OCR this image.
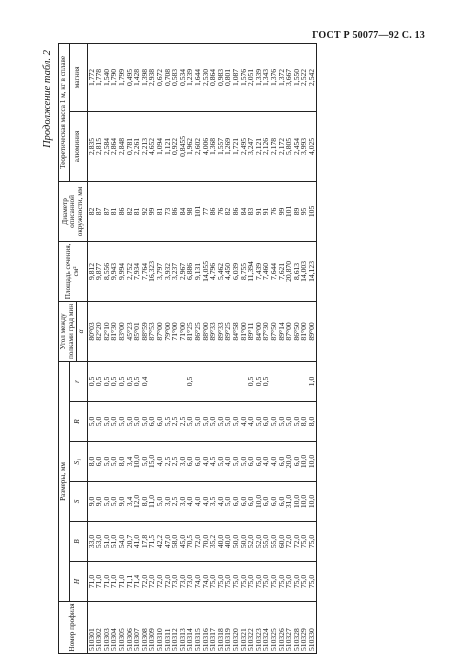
ГОСТ Р 50077—92 С. 13
Продолжение табл. 2
Номер профиля	Размеры, мм						Угол между полками град мин	Площадь сечения, см²	Диаметр описанной окружности, мм	Теоретическая масса 1 м, кг в сплаве	
	H	B	S	S₁	R	r				алюминия	магния
							α				
510301	71,0	33,0	9,0	8,0	5,0	0,5	80°03	9,812	82	2,835	1,772
510302	71,0	53,0	9,0	6,0	5,0	0,5	82°20	9,877	87	2,815	1,778
510303	71,0	51,0	5,0	5,0	5,0	0,5	82°10	8,556	87	2,584	1,540
510304	71,0	51,0	5,0	5,0	5,0	0,5	81°30	9,943	81	2,864	1,790
510305	71,0	54,0	9,0	8,0	5,0	0,5	83°00	9,994	86	2,848	1,799
510306	71,1	20,7	3,4	3,4	5,0	0,5	45°23	2,752	82	0,781	0,495
510307	71,4	41,0	12,0	10,0	5,0	0,5	85°01	7,934	81	2,261	1,428
510308	72,0	17,8	8,0	5,0	5,0	0,4	88°59	7,764	92	2,213	1,398
510309	72,0	71,5	11,0	15,0	6,0		87°53	16,323	99	4,652	2,938
510310	72,0	42,2	5,0	4,0	6,0		87°00	3,797	81	1,094	0,672
510311	72,0	47,0	3,0	2,5	5,5		79°00	3,932	73	1,121	0,708
510312	73,0	58,0	2,5	2,5	2,5		71°00	3,237	86	0,922	0,583
510313	73,0	45,0	3,0	3,0	2,5		71°00	2,967	84	0,8455	0,534
510314	73,0	70,5	4,0	6,0	5,0	0,5	81°25	6,886	98	1,962	1,239
510315	74,0	72,0	4,0	6,0	5,0		86°25	9,131	101	2,602	1,644
510316	74,0	70,0	4,0	4,0	5,0		88°00	14,055	77	4,006	2,530
510317	75,0	35,2	3,5	4,5	5,0		89°33	4,796	86	1,368	0,864
510318	75,0	40,0	4,0	5,0	5,0		89°33	5,462	76	1,557	0,983
510319	75,0	40,0	5,0	4,0	5,0		89°25	4,450	82	1,269	0,801
510320	75,0	50,0	6,0	5,0	5,0		84°58	6,039	86	1,721	1,087
510321	75,0	50,0	6,0	5,0	4,0		81°00	8,755	84	2,495	1,576
510322	75,0	52,0	6,0	6,0	4,0	0,5	89°11	11,394	83	3,247	2,051
510323	75,0	52,0	10,0	6,0	5,0	0,5	84°00	7,439	91	2,121	1,339
510324	75,0	55,0	6,0	4,0	6,0	0,5	87°30	7,460	91	2,126	1,343
510325	75,0	55,0	6,0	4,0	5,0		87°50	7,644	76	2,178	1,376
510326	75,0	60,0	6,0	6,0	5,0		89°14	7,621	99	2,172	1,372
510327	75,0	72,0	31,0	20,0	5,0		87°00	20,870	101	5,805	3,667
510328	75,0	72,0	10,0	6,0	5,0		86°50	8,613	89	2,454	1,550
510329	75,0	75,0	10,0	10,0	8,0		81°00	14,003	95	3,993	2,522
510330	75,0	75,0	10,0	10,0	8,0	1,0	89°00	14,123	105	4,025	2,542
